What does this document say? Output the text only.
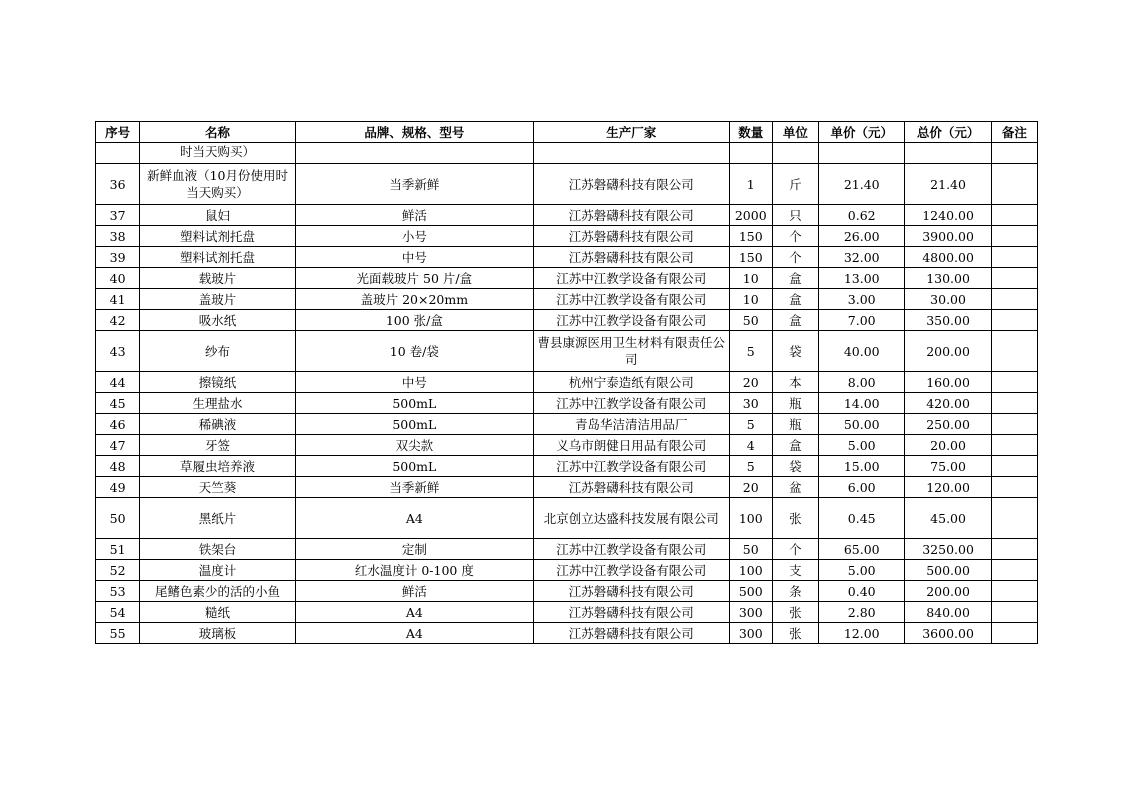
序号	名称	品牌、规格、型号	生产厂家	数量	单位	单价（元）	总价（元）	备注
	时当天购买）							
36	新鲜血液（10月份使用时当天购买）	当季新鲜	江苏磐礴科技有限公司	1	斤	21.40	21.40	
37	鼠妇	鲜活	江苏磐礴科技有限公司	2000	只	0.62	1240.00	
38	塑料试剂托盘	小号	江苏磐礴科技有限公司	150	个	26.00	3900.00	
39	塑料试剂托盘	中号	江苏磐礴科技有限公司	150	个	32.00	4800.00	
40	载玻片	光面载玻片 50 片/盒	江苏中江教学设备有限公司	10	盒	13.00	130.00	
41	盖玻片	盖玻片 20×20mm	江苏中江教学设备有限公司	10	盒	3.00	30.00	
42	吸水纸	100 张/盒	江苏中江教学设备有限公司	50	盒	7.00	350.00	
43	纱布	10 卷/袋	曹县康源医用卫生材料有限责任公司	5	袋	40.00	200.00	
44	擦镜纸	中号	杭州宁泰造纸有限公司	20	本	8.00	160.00	
45	生理盐水	500mL	江苏中江教学设备有限公司	30	瓶	14.00	420.00	
46	稀碘液	500mL	青岛华洁清洁用品厂	5	瓶	50.00	250.00	
47	牙签	双尖款	义乌市朗健日用品有限公司	4	盒	5.00	20.00	
48	草履虫培养液	500mL	江苏中江教学设备有限公司	5	袋	15.00	75.00	
49	天竺葵	当季新鲜	江苏磐礴科技有限公司	20	盆	6.00	120.00	
50	黑纸片	A4	北京创立达盛科技发展有限公司	100	张	0.45	45.00	
51	铁架台	定制	江苏中江教学设备有限公司	50	个	65.00	3250.00	
52	温度计	红水温度计 0-100 度	江苏中江教学设备有限公司	100	支	5.00	500.00	
53	尾鳍色素少的活的小鱼	鲜活	江苏磐礴科技有限公司	500	条	0.40	200.00	
54	糙纸	A4	江苏磐礴科技有限公司	300	张	2.80	840.00	
55	玻璃板	A4	江苏磐礴科技有限公司	300	张	12.00	3600.00	
